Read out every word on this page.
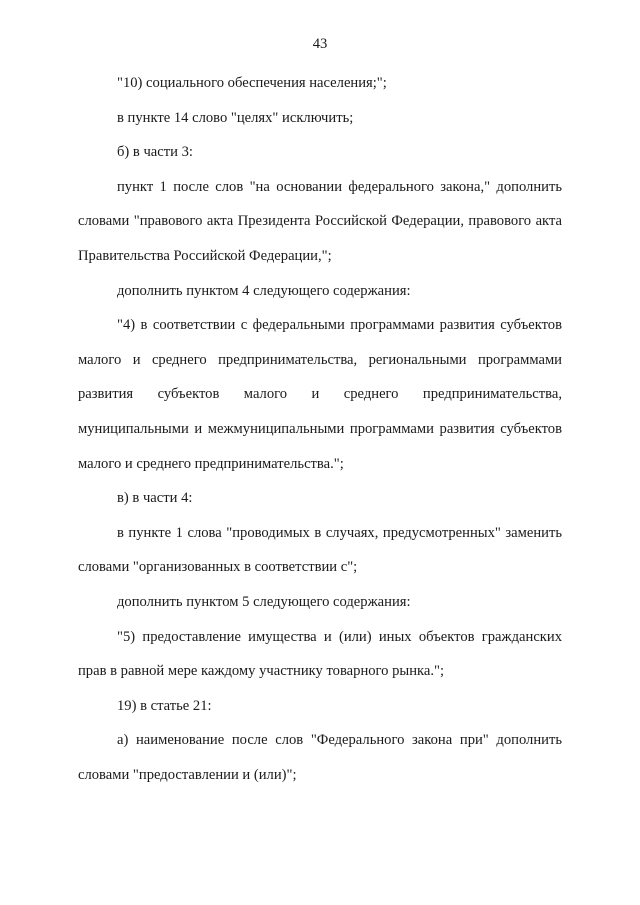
43

"10) социального обеспечения населения;";

в пункте 14 слово "целях" исключить;

б) в части 3:

пункт 1 после слов "на основании федерального закона," дополнить словами "правового акта Президента Российской Федерации, правового акта Правительства Российской Федерации,";

дополнить пунктом 4 следующего содержания:

"4) в соответствии с федеральными программами развития субъектов малого и среднего предпринимательства, региональными программами развития субъектов малого и среднего предпринимательства, муниципальными и межмуниципальными программами развития субъектов малого и среднего предпринимательства.";

в) в части 4:

в пункте 1 слова "проводимых в случаях, предусмотренных" заменить словами "организованных в соответствии с";

дополнить пунктом 5 следующего содержания:

"5) предоставление имущества и (или) иных объектов гражданских прав в равной мере каждому участнику товарного рынка.";

19) в статье 21:

а) наименование после слов "Федерального закона при" дополнить словами "предоставлении и (или)";
